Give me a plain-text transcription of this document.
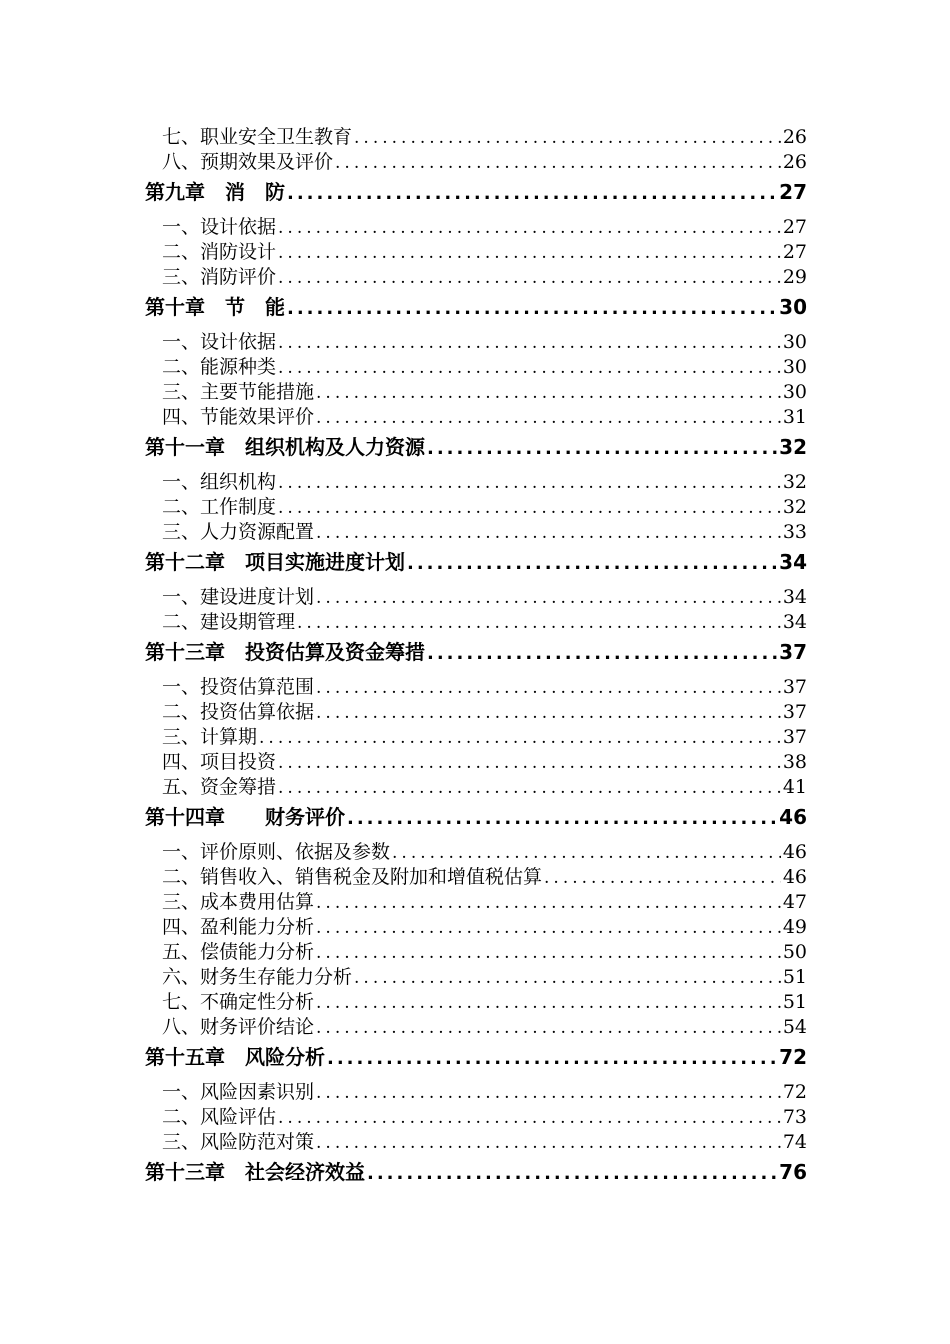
七、职业安全卫生教育 .....	26
八、预期效果及评价 .....	26
第九章　消　防 .....	27
一、设计依据 .....	27
二、消防设计 .....	27
三、消防评价 .....	29
第十章　节　能 .....	30
一、设计依据 .....	30
二、能源种类 .....	30
三、主要节能措施 .....	30
四、节能效果评价 .....	31
第十一章　组织机构及人力资源 .....	32
一、组织机构 .....	32
二、工作制度 .....	32
三、人力资源配置 .....	33
第十二章　项目实施进度计划 .....	34
一、建设进度计划 .....	34
二、建设期管理 .....	34
第十三章　投资估算及资金筹措 .....	37
一、投资估算范围 .....	37
二、投资估算依据 .....	37
三、计算期 .....	37
四、项目投资 .....	38
五、资金筹措 .....	41
第十四章　　财务评价 .....	46
一、评价原则、依据及参数 .....	46
二、销售收入、销售税金及附加和增值税估算 .....	46
三、成本费用估算 .....	47
四、盈利能力分析 .....	49
五、偿债能力分析 .....	50
六、财务生存能力分析 .....	51
七、不确定性分析 .....	51
八、财务评价结论 .....	54
第十五章　风险分析 .....	72
一、风险因素识别 .....	72
二、风险评估 .....	73
三、风险防范对策 .....	74
第十三章　社会经济效益 .....	76
